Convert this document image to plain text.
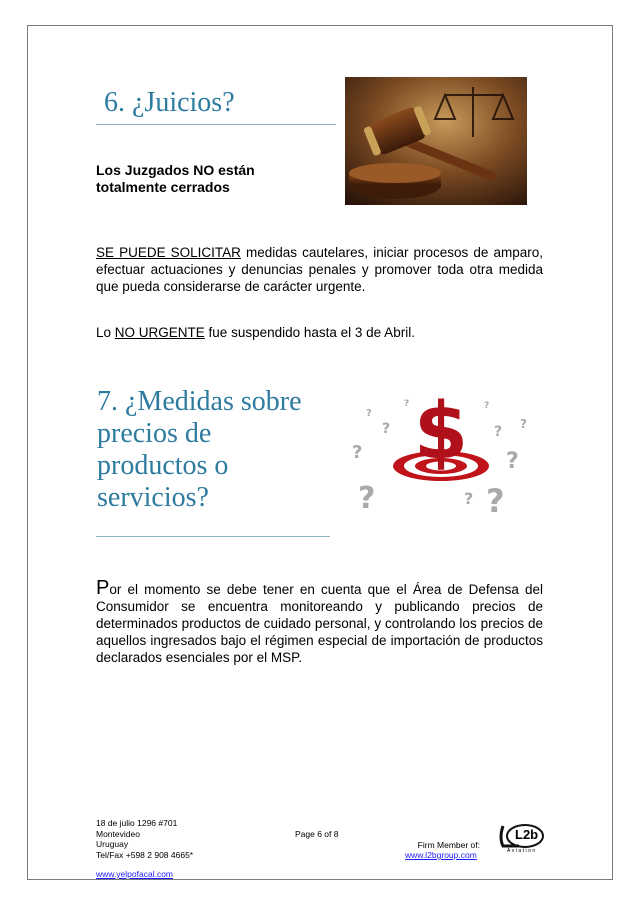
6. ¿Juicios?
Los Juzgados NO están
totalmente cerrados
SE PUEDE SOLICITAR medidas cautelares, iniciar procesos de amparo, efectuar actuaciones y denuncias penales y promover toda otra medida que pueda considerarse de carácter urgente.
Lo NO URGENTE fue suspendido hasta el 3 de Abril.
7. ¿Medidas sobre
precios de
productos o
servicios?
$
?	?
?
?
?	? ?
?
?	?
?
Por el momento se debe tener en cuenta que el Área de Defensa del Consumidor se encuentra monitoreando y publicando precios de determinados productos de cuidado personal, y controlando los precios de aquellos ingresados bajo el régimen especial de importación de productos declarados esenciales por el MSP.
18 de julio 1296 #701
Montevideo
Uruguay
Tel/Fax +598 2 908 4665*
Page 6 of 8
Firm Member of:
www.l2bgroup.com
L2b
Aviation
www.yelpofacal.com
